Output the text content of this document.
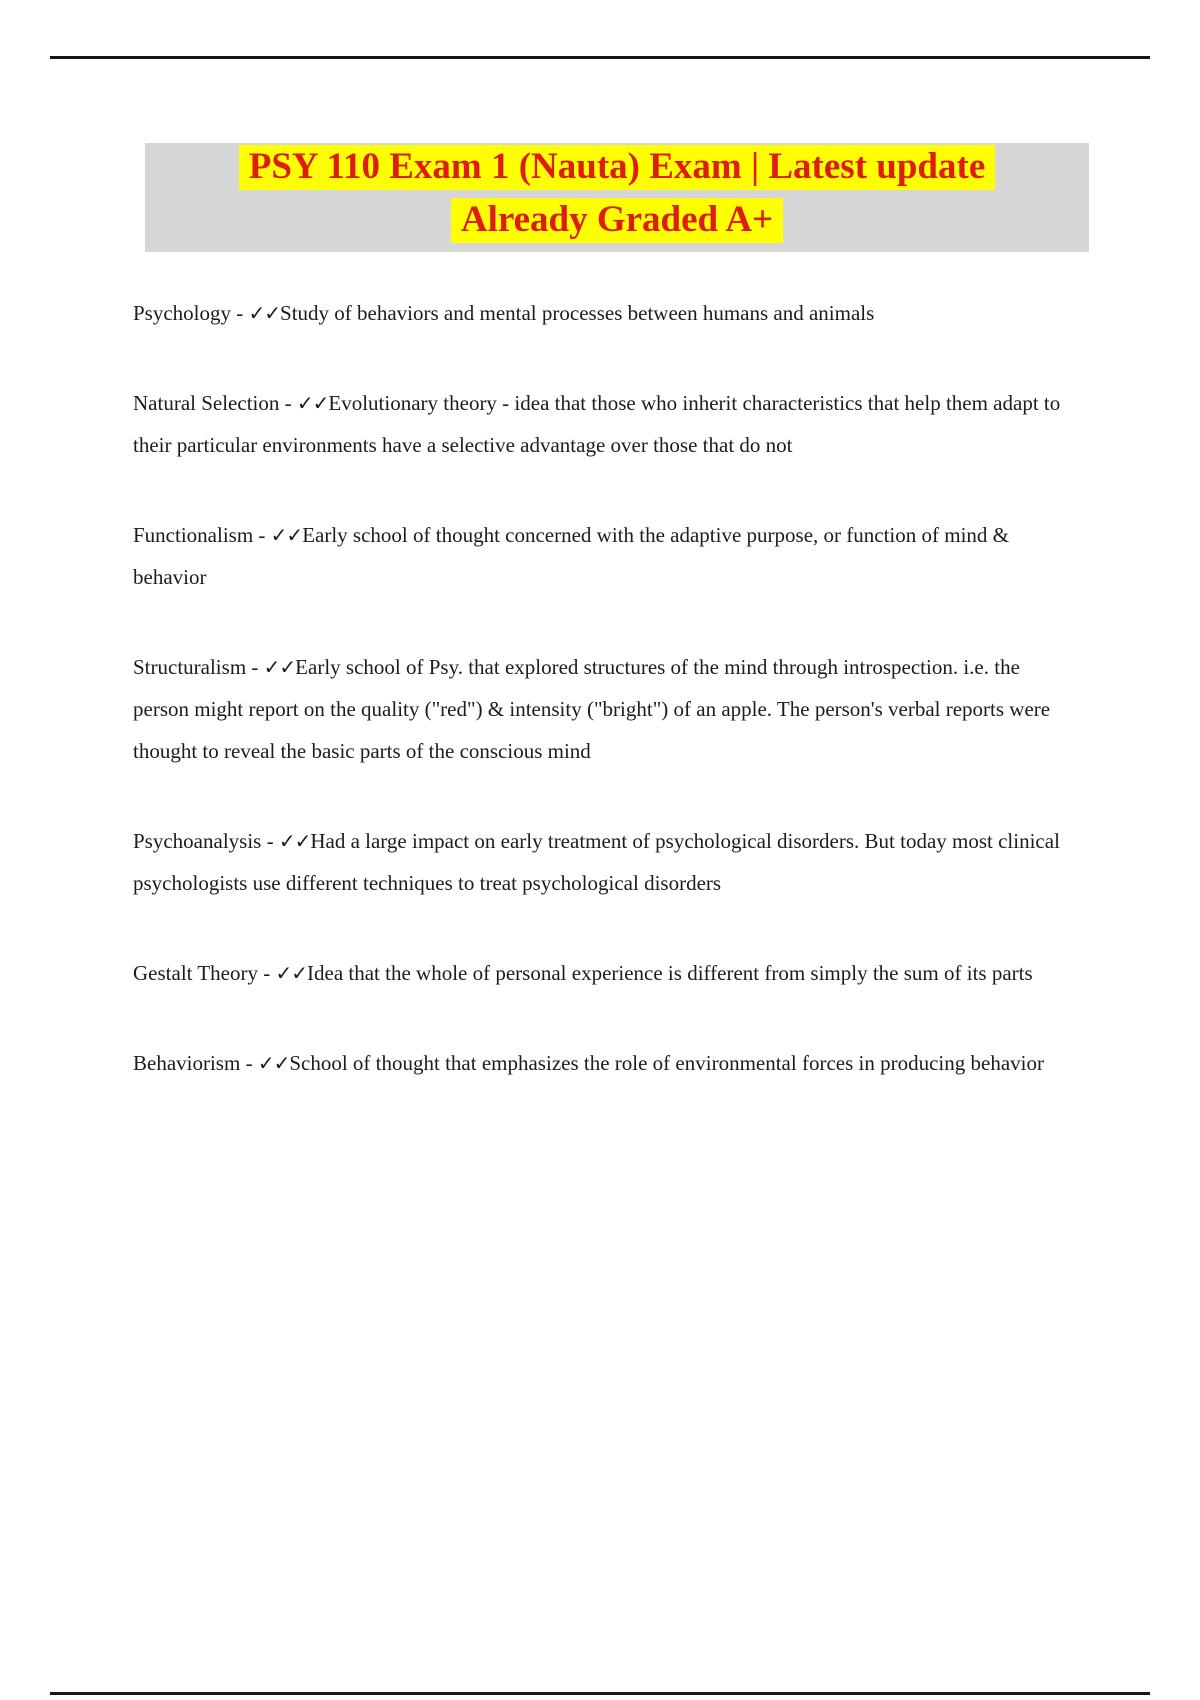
PSY 110 Exam 1 (Nauta) Exam | Latest update
Already Graded A+

Psychology - ✓✓Study of behaviors and mental processes between humans and animals

Natural Selection - ✓✓Evolutionary theory - idea that those who inherit characteristics that help them adapt to their particular environments have a selective advantage over those that do not

Functionalism - ✓✓Early school of thought concerned with the adaptive purpose, or function of mind & behavior

Structuralism - ✓✓Early school of Psy. that explored structures of the mind through introspection. i.e. the person might report on the quality ("red") & intensity ("bright") of an apple. The person's verbal reports were thought to reveal the basic parts of the conscious mind

Psychoanalysis - ✓✓Had a large impact on early treatment of psychological disorders. But today most clinical psychologists use different techniques to treat psychological disorders

Gestalt Theory - ✓✓Idea that the whole of personal experience is different from simply the sum of its parts

Behaviorism - ✓✓School of thought that emphasizes the role of environmental forces in producing behavior
